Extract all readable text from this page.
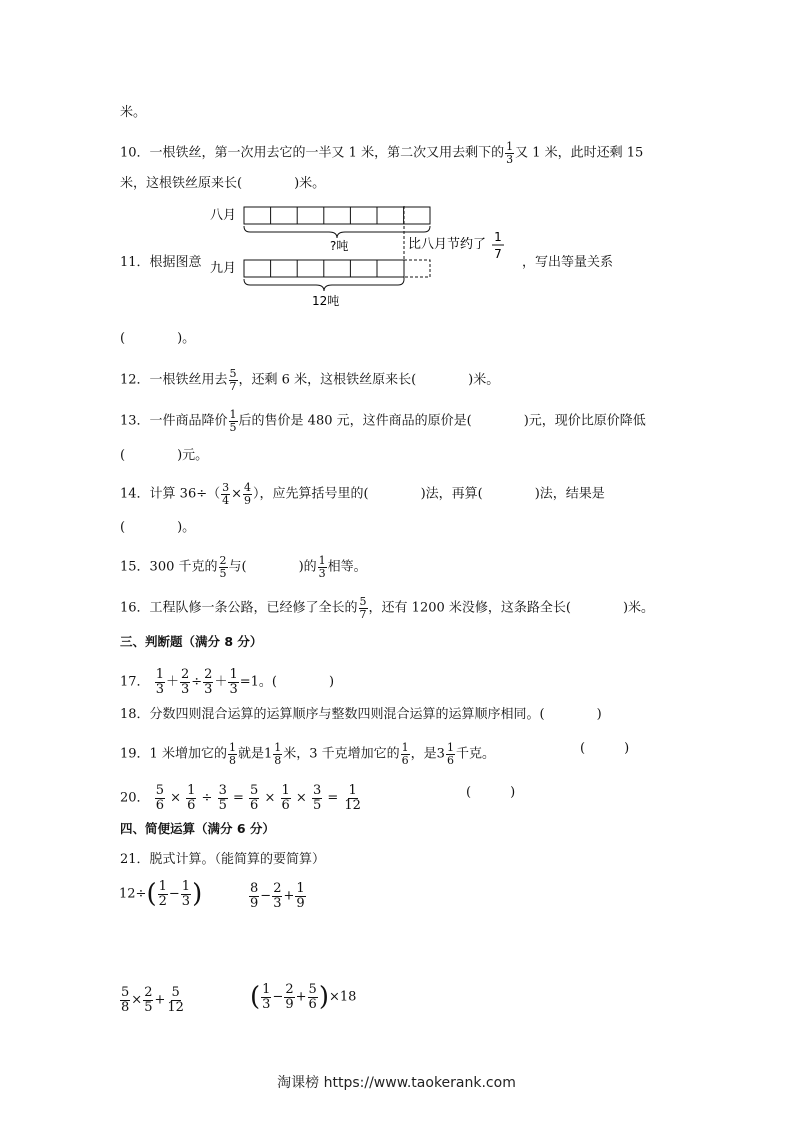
米。
10．一根铁丝，第一次用去它的一半又 1 米，第二次又用去剩下的 $\frac{1}{3}$ 又 1 米，此时还剩 15
米，这根铁丝原来长(　　　　)米。
11．根据图意	，写出等量关系
八月
?吨	比八月节约了 1
7
九月
12吨
(　　　　)。
12．一根铁丝用去 $\frac{5}{7}$ ，还剩 6 米，这根铁丝原来长(　　　　)米。
13．一件商品降价 $\frac{1}{5}$ 后的售价是 480 元，这件商品的原价是(　　　　)元，现价比原价降低
(　　　　)元。
14．计算 $36\div( \frac{3}{4} \times \frac{4}{9}$ ），应先算括号里的(　　　　)法，再算(　　　　)法，结果是
(　　　　)。
15．300 千克的 $\frac{2}{5}$ 与(　　　　)的 $\frac{1}{3}$ 相等。
16．工程队修一条公路，已经修了全长的 $\frac{5}{7}$ ，还有 1200 米没修，这条路全长(　　　　)米。
三、判断题（满分 8 分）
17． $\frac{1}{3} + \frac{2}{3} \div \frac{2}{3} + \frac{1}{3} =1$。(　　　　)
18．分数四则混合运算的运算顺序与整数四则混合运算的运算顺序相同。(　　　　)
19．1 米增加它的 $\frac{1}{8}$ 就是$1 \frac{1}{8}$ 米，3 千克增加它的 $\frac{1}{6}$ ，是$3 \frac{1}{6}$ 千克。	(　　　)
20． $\frac{5}{6} \times \frac{1}{6} \div \frac{3}{5} = \frac{5}{6} \times \frac{1}{6} \times \frac{3}{5} = \frac{1}{12}$	(　　　)
四、简便运算（满分 6 分）
21．脱式计算。（能简算的要简算）
$12\div( \frac{1}{2} - \frac{1}{3}$ )	$\frac{8}{9} - \frac{2}{3} + \frac{1}{9}$
$\frac{5}{8} \times \frac{2}{5} + \frac{5}{12}$	( $\frac{1}{3} - \frac{2}{9} + \frac{5}{6} )\times 18$
淘课榜 https://www.taokerank.com
